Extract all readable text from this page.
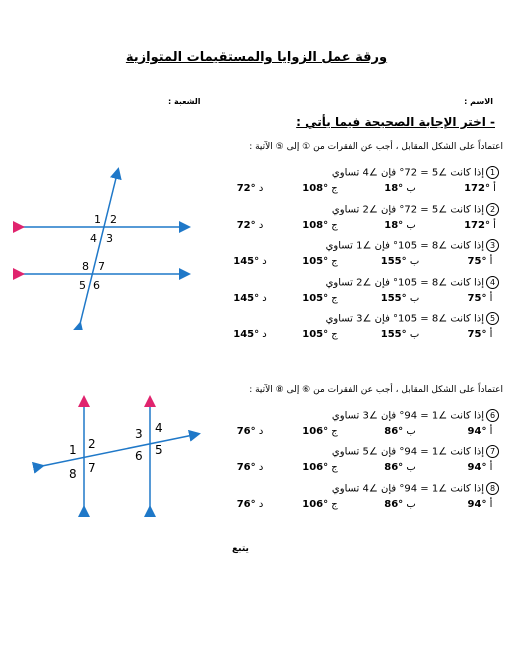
ورقة عمل الزوايا والمستقيمات المتوازية
الاسم :
الشعبة :
- اختر الإجابة الصحيحة فيما يأتي :
اعتماداً على الشكل المقابل ، أجب عن الفقرات من ① إلى ⑤ الآتية :
اعتماداً على الشكل المقابل ، أجب عن الفقرات من ⑥ إلى ⑧ الآتية :
1 2
4 3
8 7
5 6
1 2
8 7
3 4
6 5
1إذا كانت ∠5 = 72° فإن ∠4 تساوي
172° أ
18° ب
108° ج
72° د
2إذا كانت ∠5 = 72° فإن ∠2 تساوي
172° أ
18° ب
108° ج
72° د
3إذا كانت ∠8 = 105° فإن ∠1 تساوي
75° أ
155° ب
105° ج
145° د
4إذا كانت ∠8 = 105° فإن ∠2 تساوي
75° أ
155° ب
105° ج
145° د
5إذا كانت ∠8 = 105° فإن ∠3 تساوي
75° أ
155° ب
105° ج
145° د
6إذا كانت ∠1 = 94° فإن ∠3 تساوي
94° أ
86° ب
106° ج
76° د
7إذا كانت ∠1 = 94° فإن ∠5 تساوي
94° أ
86° ب
106° ج
76° د
8إذا كانت ∠1 = 94° فإن ∠4 تساوي
94° أ
86° ب
106° ج
76° د
يتبع
